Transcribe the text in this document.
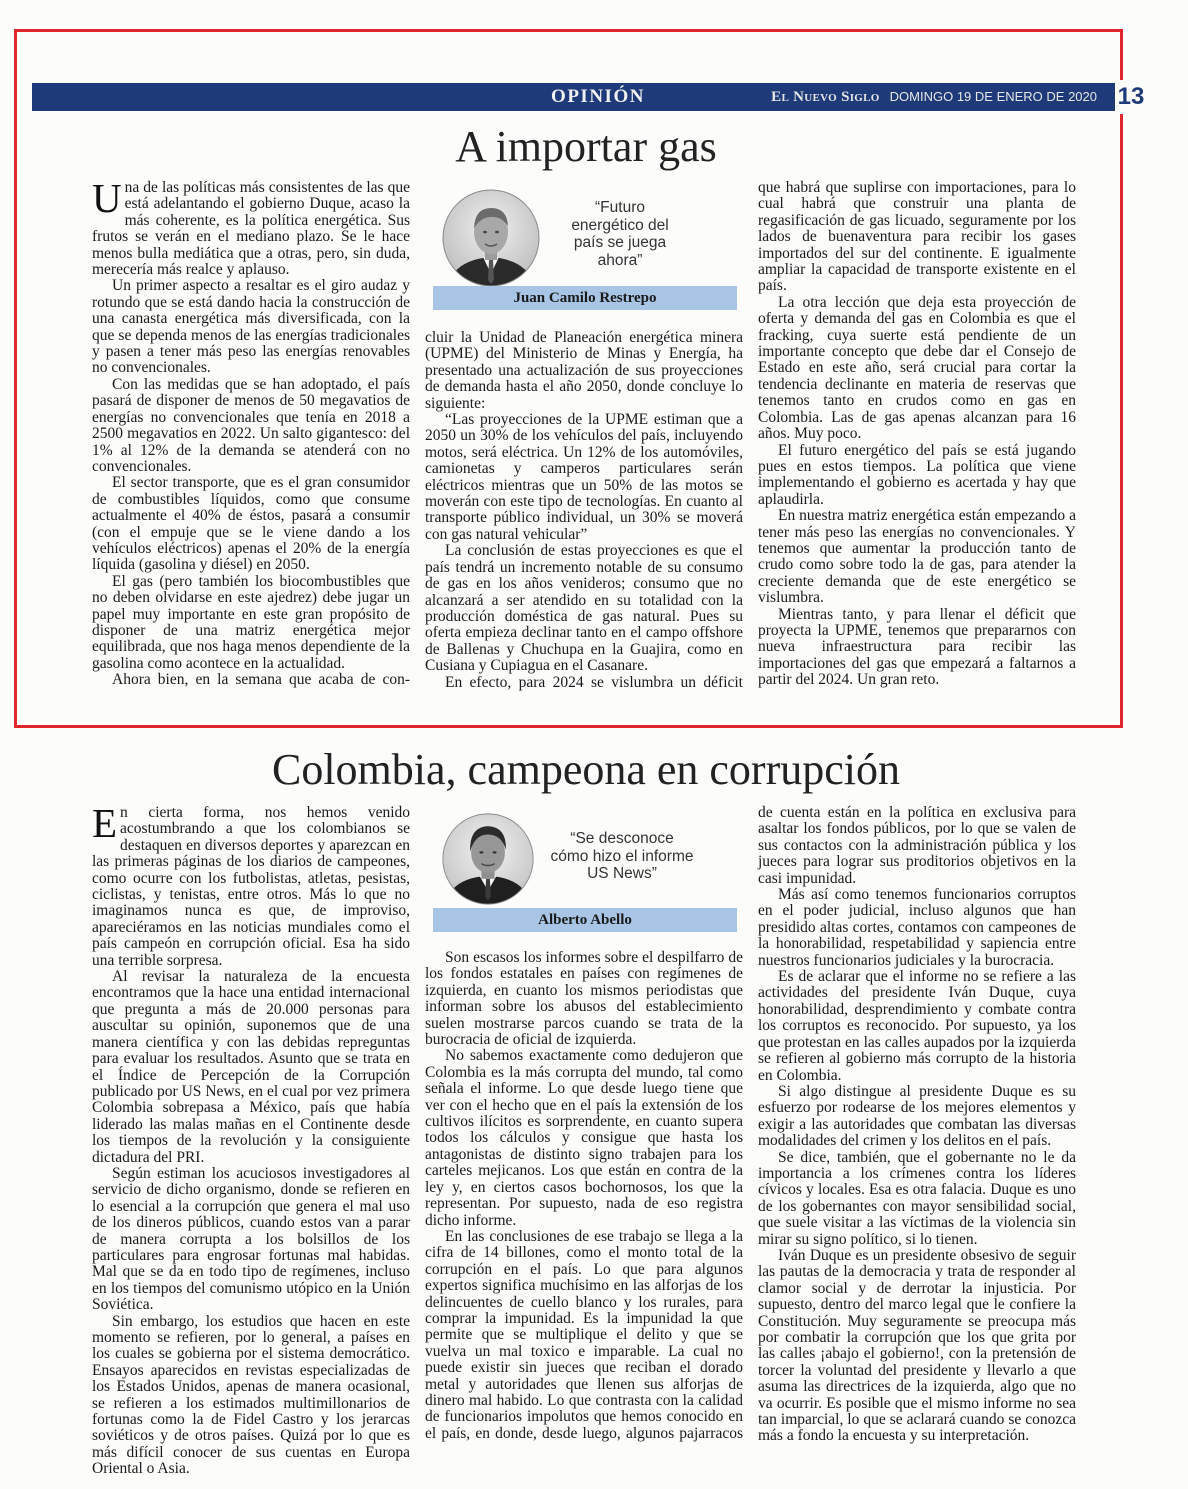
OPINIÓN	El Nuevo Siglo DOMINGO 19 DE ENERO DE 2020 13
A importar gas

Una de las políticas más consistentes de las que está adelantando el gobierno Duque, acaso la más coherente, es la política energética. Sus frutos se verán en el mediano plazo. Se le hace menos bulla mediática que a otras, pero, sin duda, merecería más realce y aplauso.

Un primer aspecto a resaltar es el giro audaz y rotundo que se está dando hacia la construcción de una canasta energética más diversificada, con la que se dependa menos de las energías tradicionales y pasen a tener más peso las energías renovables no convencionales.

Con las medidas que se han adoptado, el país pasará de disponer de menos de 50 megavatios de energías no convencionales que tenía en 2018 a 2500 megavatios en 2022. Un salto gigantesco: del 1% al 12% de la demanda se atenderá con no convencionales.

El sector transporte, que es el gran consumidor de combustibles líquidos, como que consume actualmente el 40% de éstos, pasará a consumir (con el empuje que se le viene dando a los vehículos eléctricos) apenas el 20% de la energía líquida (gasolina y diésel) en 2050.

El gas (pero también los biocombustibles que no deben olvidarse en este ajedrez) debe jugar un papel muy importante en este gran propósito de disponer de una matriz energética mejor equilibrada, que nos haga menos dependiente de la gasolina como acontece en la actualidad.

Ahora bien, en la semana que acaba de con-

“Futuro
energético del
país se juega
ahora”
Juan Camilo Restrepo

cluir la Unidad de Planeación energética minera (UPME) del Ministerio de Minas y Energía, ha presentado una actualización de sus proyecciones de demanda hasta el año 2050, donde concluye lo siguiente:

“Las proyecciones de la UPME estiman que a 2050 un 30% de los vehículos del país, incluyendo motos, será eléctrica. Un 12% de los automóviles, camionetas y camperos particulares serán eléctricos mientras que un 50% de las motos se moverán con este tipo de tecnologías. En cuanto al transporte público individual, un 30% se moverá con gas natural vehicular”

La conclusión de estas proyecciones es que el país tendrá un incremento notable de su consumo de gas en los años venideros; consumo que no alcanzará a ser atendido en su totalidad con la producción doméstica de gas natural. Pues su oferta empieza declinar tanto en el campo offshore de Ballenas y Chuchupa en la Guajira, como en Cusiana y Cupiagua en el Casanare.

En efecto, para 2024 se vislumbra un déficit

que habrá que suplirse con importaciones, para lo cual habrá que construir una planta de regasificación de gas licuado, seguramente por los lados de buenaventura para recibir los gases importados del sur del continente. E igualmente ampliar la capacidad de transporte existente en el país.

La otra lección que deja esta proyección de oferta y demanda del gas en Colombia es que el fracking, cuya suerte está pendiente de un importante concepto que debe dar el Consejo de Estado en este año, será crucial para cortar la tendencia declinante en materia de reservas que tenemos tanto en crudos como en gas en Colombia. Las de gas apenas alcanzan para 16 años. Muy poco.

El futuro energético del país se está jugando pues en estos tiempos. La política que viene implementando el gobierno es acertada y hay que aplaudirla.

En nuestra matriz energética están empezando a tener más peso las energías no convencionales. Y tenemos que aumentar la producción tanto de crudo como sobre todo la de gas, para atender la creciente demanda que de este energético se vislumbra.

Mientras tanto, y para llenar el déficit que proyecta la UPME, tenemos que prepararnos con nueva infraestructura para recibir las importaciones del gas que empezará a faltarnos a partir del 2024. Un gran reto.

Colombia, campeona en corrupción

En cierta forma, nos hemos venido acostumbrando a que los colombianos se destaquen en diversos deportes y aparezcan en las primeras páginas de los diarios de campeones, como ocurre con los futbolistas, atletas, pesistas, ciclistas, y tenistas, entre otros. Más lo que no imaginamos nunca es que, de improviso, apareciéramos en las noticias mundiales como el país campeón en corrupción oficial. Esa ha sido una terrible sorpresa.

Al revisar la naturaleza de la encuesta encontramos que la hace una entidad internacional que pregunta a más de 20.000 personas para auscultar su opinión, suponemos que de una manera científica y con las debidas repreguntas para evaluar los resultados. Asunto que se trata en el Índice de Percepción de la Corrupción publicado por US News, en el cual por vez primera Colombia sobrepasa a México, país que había liderado las malas mañas en el Continente desde los tiempos de la revolución y la consiguiente dictadura del PRI.

Según estiman los acuciosos investigadores al servicio de dicho organismo, donde se refieren en lo esencial a la corrupción que genera el mal uso de los dineros públicos, cuando estos van a parar de manera corrupta a los bolsillos de los particulares para engrosar fortunas mal habidas. Mal que se da en todo tipo de regímenes, incluso en los tiempos del comunismo utópico en la Unión Soviética.

Sin embargo, los estudios que hacen en este momento se refieren, por lo general, a países en los cuales se gobierna por el sistema democrático. Ensayos aparecidos en revistas especializadas de los Estados Unidos, apenas de manera ocasional, se refieren a los estimados multimillonarios de fortunas como la de Fidel Castro y los jerarcas soviéticos y de otros países. Quizá por lo que es más difícil conocer de sus cuentas en Europa Oriental o Asia.

“Se desconoce
cómo hizo el informe
US News”
Alberto Abello

Son escasos los informes sobre el despilfarro de los fondos estatales en países con regímenes de izquierda, en cuanto los mismos periodistas que informan sobre los abusos del establecimiento suelen mostrarse parcos cuando se trata de la burocracia de oficial de izquierda.

No sabemos exactamente como dedujeron que Colombia es la más corrupta del mundo, tal como señala el informe. Lo que desde luego tiene que ver con el hecho que en el país la extensión de los cultivos ilícitos es sorprendente, en cuanto supera todos los cálculos y consigue que hasta los antagonistas de distinto signo trabajen para los carteles mejicanos. Los que están en contra de la ley y, en ciertos casos bochornosos, los que la representan. Por supuesto, nada de eso registra dicho informe.

En las conclusiones de ese trabajo se llega a la cifra de 14 billones, como el monto total de la corrupción en el país. Lo que para algunos expertos significa muchísimo en las alforjas de los delincuentes de cuello blanco y los rurales, para comprar la impunidad. Es la impunidad la que permite que se multiplique el delito y que se vuelva un mal toxico e imparable. La cual no puede existir sin jueces que reciban el dorado metal y autoridades que llenen sus alforjas de dinero mal habido. Lo que contrasta con la calidad de funcionarios impolutos que hemos conocido en el país, en donde, desde luego, algunos pajarracos

de cuenta están en la política en exclusiva para asaltar los fondos públicos, por lo que se valen de sus contactos con la administración pública y los jueces para lograr sus proditorios objetivos en la casi impunidad.

Más así como tenemos funcionarios corruptos en el poder judicial, incluso algunos que han presidido altas cortes, contamos con campeones de la honorabilidad, respetabilidad y sapiencia entre nuestros funcionarios judiciales y la burocracia.

Es de aclarar que el informe no se refiere a las actividades del presidente Iván Duque, cuya honorabilidad, desprendimiento y combate contra los corruptos es reconocido. Por supuesto, ya los que protestan en las calles aupados por la izquierda se refieren al gobierno más corrupto de la historia en Colombia.

Si algo distingue al presidente Duque es su esfuerzo por rodearse de los mejores elementos y exigir a las autoridades que combatan las diversas modalidades del crimen y los delitos en el país.

Se dice, también, que el gobernante no le da importancia a los crímenes contra los líderes cívicos y locales. Esa es otra falacia. Duque es uno de los gobernantes con mayor sensibilidad social, que suele visitar a las víctimas de la violencia sin mirar su signo político, si lo tienen.

Iván Duque es un presidente obsesivo de seguir las pautas de la democracia y trata de responder al clamor social y de derrotar la injusticia. Por supuesto, dentro del marco legal que le confiere la Constitución. Muy seguramente se preocupa más por combatir la corrupción que los que grita por las calles ¡abajo el gobierno!, con la pretensión de torcer la voluntad del presidente y llevarlo a que asuma las directrices de la izquierda, algo que no va ocurrir. Es posible que el mismo informe no sea tan imparcial, lo que se aclarará cuando se conozca más a fondo la encuesta y su interpretación.
